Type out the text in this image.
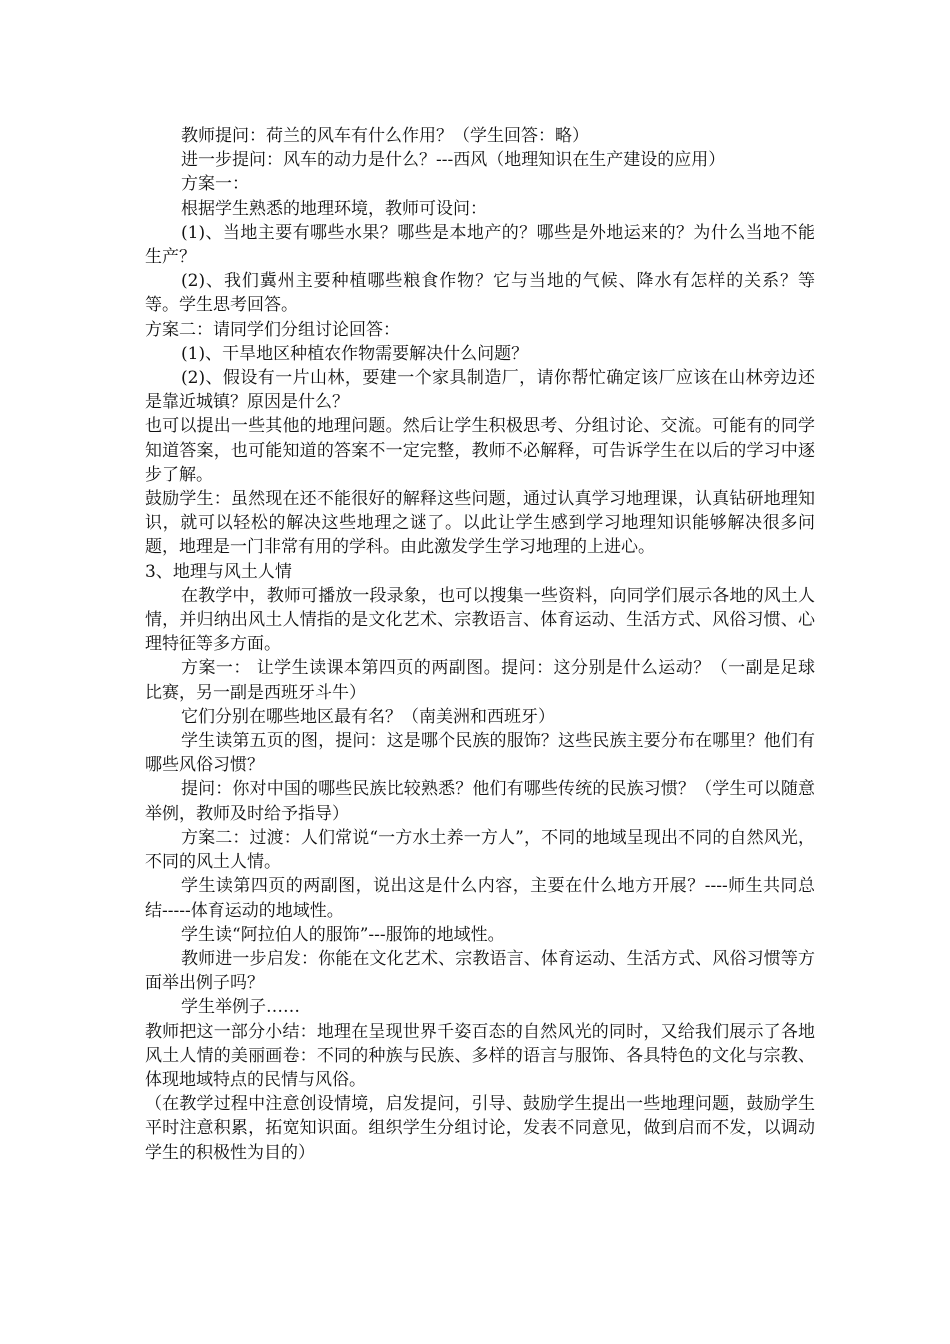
教师提问：荷兰的风车有什么作用？（学生回答：略）

进一步提问：风车的动力是什么？---西风（地理知识在生产建设的应用）

方案一：

根据学生熟悉的地理环境，教师可设问：

(1)、当地主要有哪些水果？哪些是本地产的？哪些是外地运来的？为什么当地不能生产？

(2)、我们冀州主要种植哪些粮食作物？它与当地的气候、降水有怎样的关系？等等。学生思考回答。

方案二：请同学们分组讨论回答：

(1)、干旱地区种植农作物需要解决什么问题？

(2)、假设有一片山林，要建一个家具制造厂，请你帮忙确定该厂应该在山林旁边还是靠近城镇？原因是什么？

也可以提出一些其他的地理问题。然后让学生积极思考、分组讨论、交流。可能有的同学知道答案，也可能知道的答案不一定完整，教师不必解释，可告诉学生在以后的学习中逐步了解。

鼓励学生：虽然现在还不能很好的解释这些问题，通过认真学习地理课，认真钻研地理知识，就可以轻松的解决这些地理之谜了。以此让学生感到学习地理知识能够解决很多问题，地理是一门非常有用的学科。由此激发学生学习地理的上进心。

3、地理与风土人情

在教学中，教师可播放一段录象，也可以搜集一些资料，向同学们展示各地的风土人情，并归纳出风土人情指的是文化艺术、宗教语言、体育运动、生活方式、风俗习惯、心理特征等多方面。

方案一： 让学生读课本第四页的两副图。提问：这分别是什么运动？（一副是足球比赛，另一副是西班牙斗牛）

它们分别在哪些地区最有名？（南美洲和西班牙）

学生读第五页的图，提问：这是哪个民族的服饰？这些民族主要分布在哪里？他们有哪些风俗习惯？

提问：你对中国的哪些民族比较熟悉？他们有哪些传统的民族习惯？（学生可以随意举例，教师及时给予指导）

方案二：过渡：人们常说“一方水土养一方人”，不同的地域呈现出不同的自然风光，不同的风土人情。

学生读第四页的两副图，说出这是什么内容，主要在什么地方开展？----师生共同总结-----体育运动的地域性。

学生读“阿拉伯人的服饰”---服饰的地域性。

教师进一步启发：你能在文化艺术、宗教语言、体育运动、生活方式、风俗习惯等方面举出例子吗？

学生举例子……

教师把这一部分小结：地理在呈现世界千姿百态的自然风光的同时，又给我们展示了各地风土人情的美丽画卷：不同的种族与民族、多样的语言与服饰、各具特色的文化与宗教、体现地域特点的民情与风俗。

（在教学过程中注意创设情境，启发提问，引导、鼓励学生提出一些地理问题，鼓励学生平时注意积累，拓宽知识面。组织学生分组讨论，发表不同意见，做到启而不发，以调动学生的积极性为目的）
